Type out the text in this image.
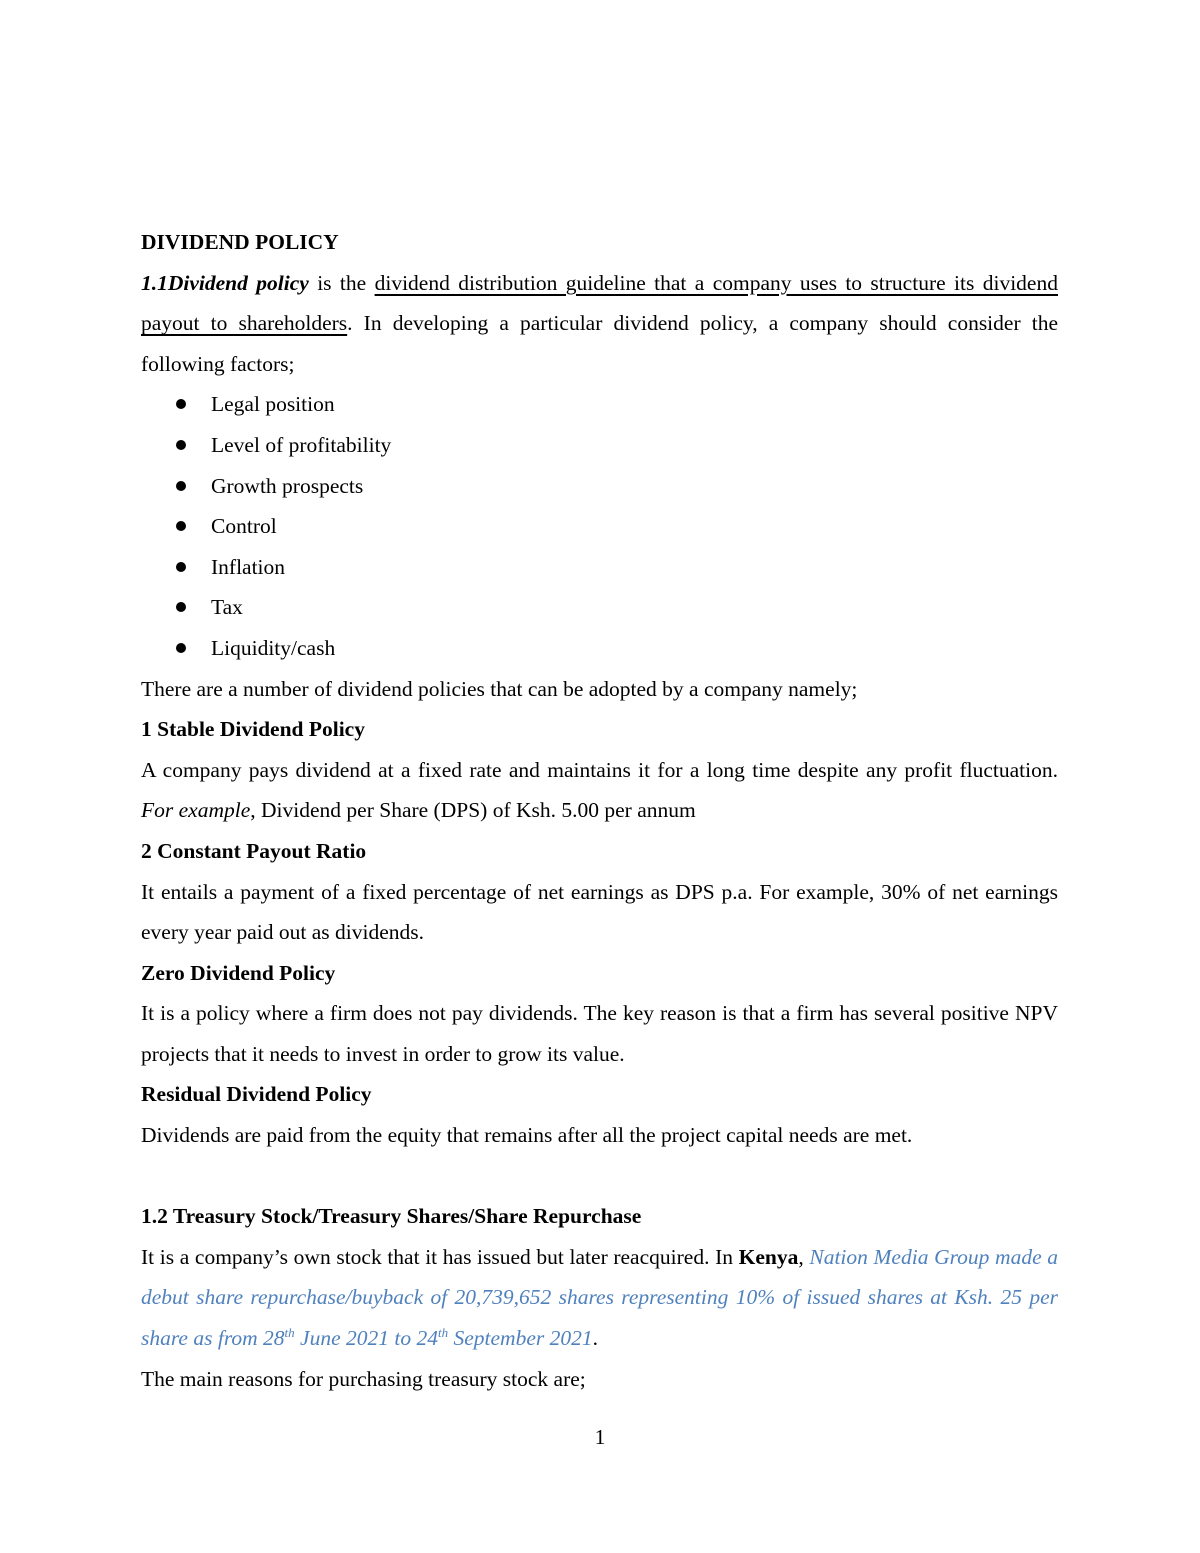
DIVIDEND POLICY

1.1Dividend policy is the dividend distribution guideline that a company uses to structure its dividend payout to shareholders. In developing a particular dividend policy, a company should consider the following factors;

Legal position
Level of profitability
Growth prospects
Control
Inflation
Tax
Liquidity/cash

There are a number of dividend policies that can be adopted by a company namely;

1 Stable Dividend Policy

A company pays dividend at a fixed rate and maintains it for a long time despite any profit fluctuation. For example, Dividend per Share (DPS) of Ksh. 5.00 per annum

2 Constant Payout Ratio

It entails a payment of a fixed percentage of net earnings as DPS p.a. For example, 30% of net earnings every year paid out as dividends.

Zero Dividend Policy

It is a policy where a firm does not pay dividends. The key reason is that a firm has several positive NPV projects that it needs to invest in order to grow its value.

Residual Dividend Policy

Dividends are paid from the equity that remains after all the project capital needs are met.

1.2 Treasury Stock/Treasury Shares/Share Repurchase

It is a company’s own stock that it has issued but later reacquired. In Kenya, Nation Media Group made a debut share repurchase/buyback of 20,739,652 shares representing 10% of issued shares at Ksh. 25 per share as from 28th June 2021 to 24th September 2021.

The main reasons for purchasing treasury stock are;

1
